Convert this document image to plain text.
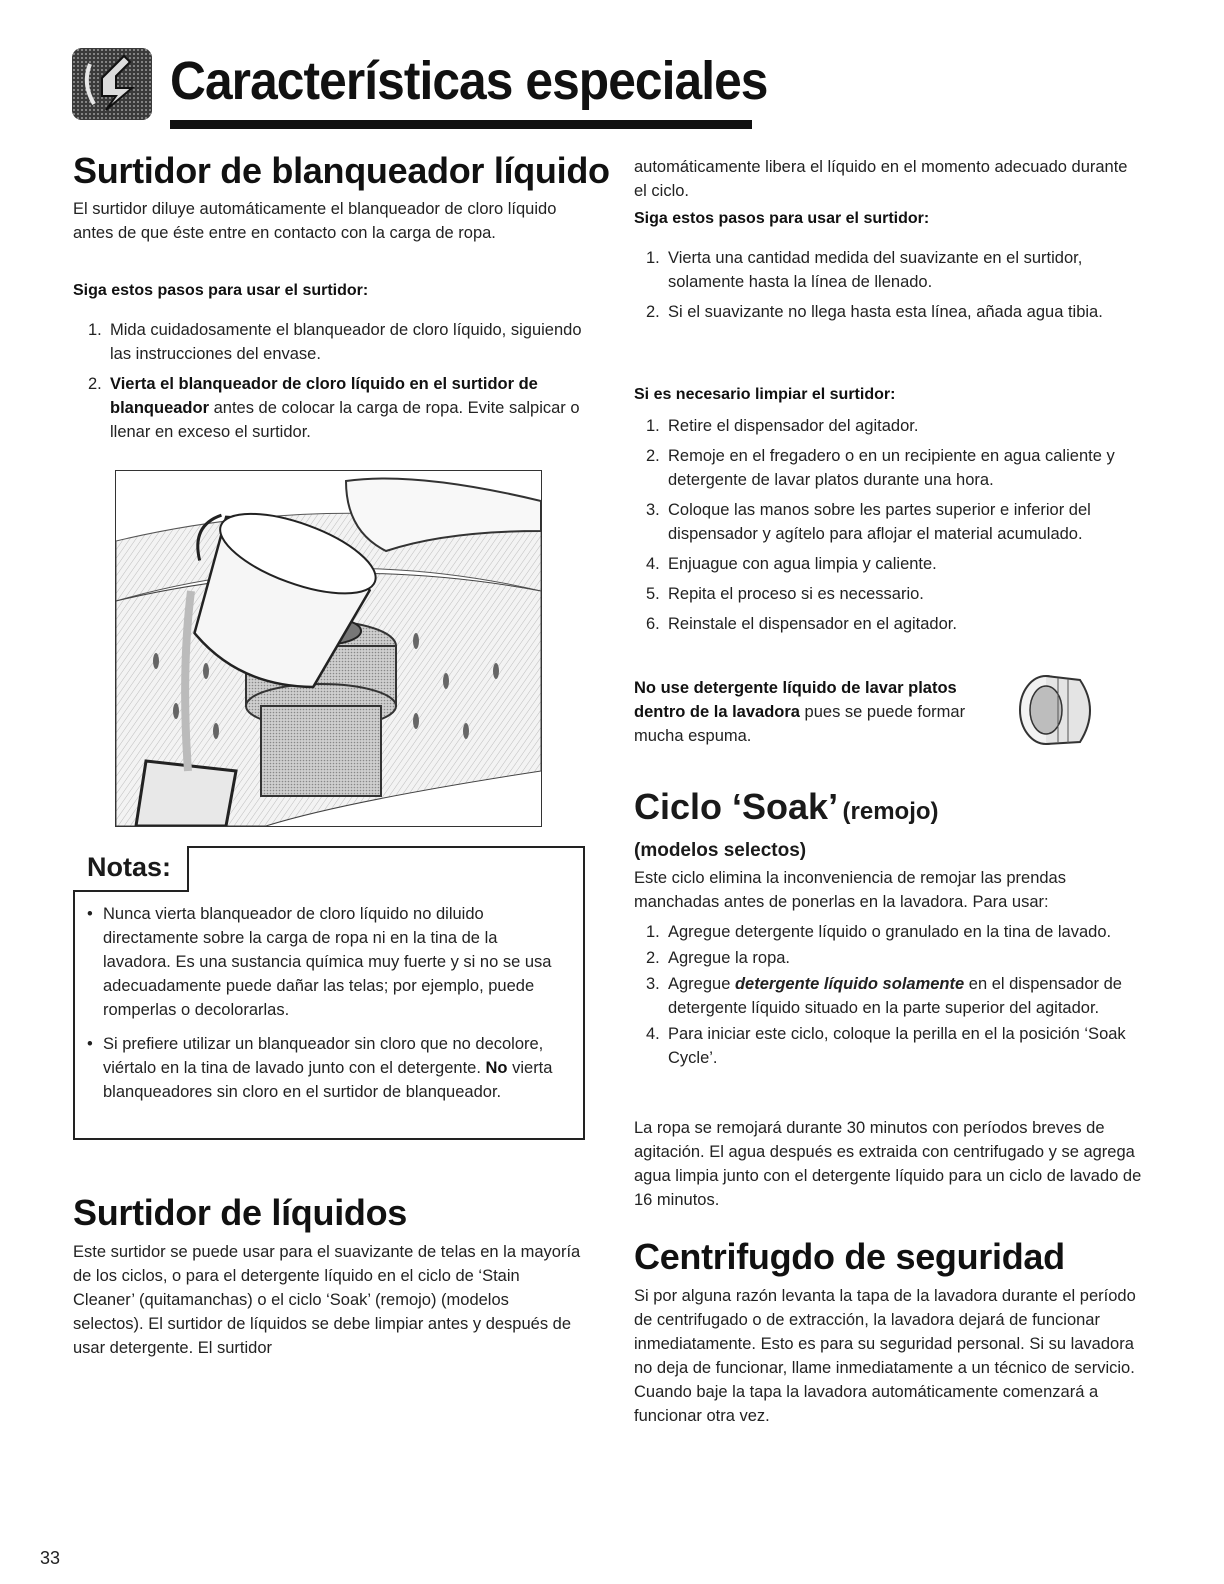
Características especiales
Surtidor de blanqueador líquido
El surtidor diluye automáticamente el blanqueador de cloro líquido antes de que éste entre en contacto con la carga de ropa.
Siga estos pasos para usar el surtidor:
1. Mida cuidadosamente el blanqueador de cloro líquido, siguiendo las instrucciones del envase.
2. Vierta el blanqueador de cloro líquido en el surtidor de blanqueador antes de colocar la carga de ropa. Evite salpicar o llenar en exceso el surtidor.
Notas:
• Nunca vierta blanqueador de cloro líquido no diluido directamente sobre la carga de ropa ni en la tina de la lavadora. Es una sustancia química muy fuerte y si no se usa adecuadamente puede dañar las telas; por ejemplo, puede romperlas o decolorarlas.
• Si prefiere utilizar un blanqueador sin cloro que no decolore, viértalo en la tina de lavado junto con el detergente. No vierta blanqueadores sin cloro en el surtidor de blanqueador.
Surtidor de líquidos
Este surtidor se puede usar para el suavizante de telas en la mayoría de los ciclos, o para el detergente líquido en el ciclo de ‘Stain Cleaner’ (quitamanchas) o el ciclo ‘Soak’ (remojo) (modelos selectos). El surtidor de líquidos se debe limpiar antes y después de usar detergente. El surtidor
automáticamente libera el líquido en el momento adecuado durante el ciclo.
Siga estos pasos para usar el surtidor:
1. Vierta una cantidad medida del suavizante en el surtidor, solamente hasta la línea de llenado.
2. Si el suavizante no llega hasta esta línea, añada agua tibia.
Si es necesario limpiar el surtidor:
1. Retire el dispensador del agitador.
2. Remoje en el fregadero o en un recipiente en agua caliente y detergente de lavar platos durante una hora.
3. Coloque las manos sobre les partes superior e inferior del dispensador y agítelo para aflojar el material acumulado.
4. Enjuague con agua limpia y caliente.
5. Repita el proceso si es necessario.
6. Reinstale el dispensador en el agitador.
No use detergente líquido de lavar platos dentro de la lavadora pues se puede formar mucha espuma.
Ciclo ‘Soak’ (remojo)
(modelos selectos)
Este ciclo elimina la inconveniencia de remojar las prendas manchadas antes de ponerlas en la lavadora. Para usar:
1. Agregue detergente líquido o granulado en la tina de lavado.
2. Agregue la ropa.
3. Agregue detergente líquido solamente en el dispensador de detergente líquido situado en la parte superior del agitador.
4. Para iniciar este ciclo, coloque la perilla en el la posición ‘Soak Cycle’.
La ropa se remojará durante 30 minutos con períodos breves de agitación. El agua después es extraida con centrifugado y se agrega agua limpia junto con el detergente líquido para un ciclo de lavado de 16 minutos.
Centrifugdo de seguridad
Si por alguna razón levanta la tapa de la lavadora durante el período de centrifugado o de extracción, la lavadora dejará de funcionar inmediatamente. Esto es para su seguridad personal. Si su lavadora no deja de funcionar, llame inmediatamente a un técnico de servicio. Cuando baje la tapa la lavadora automáticamente comenzará a funcionar otra vez.
33
